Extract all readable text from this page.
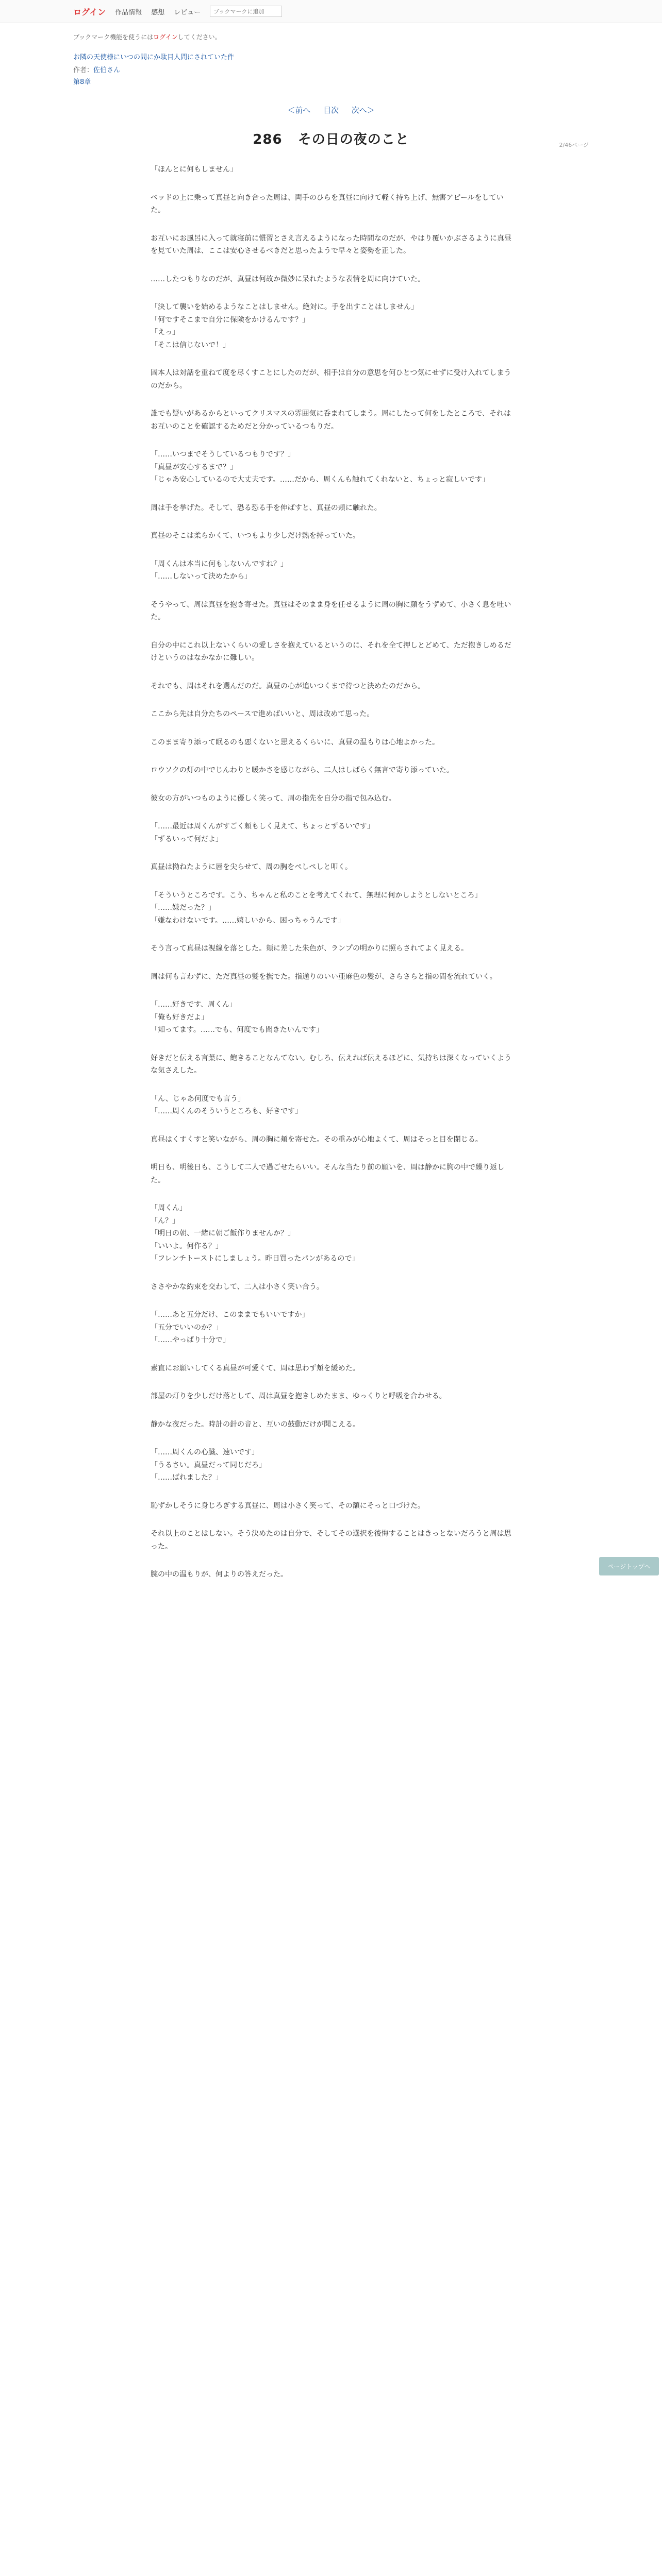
ログイン 作品情報 感想 レビュー
ブックマークに追加
ブックマーク機能を使うにはログインしてください。
お隣の天使様にいつの間にか駄目人間にされていた件
作者：佐伯さん
第8章
＜前へ 目次 次へ＞
2/46ページ
286 その日の夜のこと

「ほんとに何もしません」

ベッドの上に乗って真昼と向き合った周は、両手のひらを真昼に向けて軽く持ち上げ、無害アピールをしていた。

お互いにお風呂に入って就寝前に慣習とさえ言えるようになった時間なのだが、やはり覆いかぶさるように真昼を見ていた周は、ここは安心させるべきだと思ったようで早々と姿勢を正した。

……したつもりなのだが、真昼は何故か微妙に呆れたような表情を周に向けていた。

「決して襲いを始めるようなことはしません。絶対に。手を出すことはしません」
「何ですそこまで自分に保険をかけるんです？」
「えっ」
「そこは信じないで！」

固本人は対話を重ねて度を尽くすことにしたのだが、相手は自分の意思を何ひとつ気にせずに受け入れてしまうのだから。

誰でも疑いがあるからといってクリスマスの雰囲気に呑まれてしまう。周にしたって何をしたところで、それはお互いのことを確認するためだと分かっているつもりだ。

「……いつまでそうしているつもりです？」
「真昼が安心するまで？」
「じゃあ安心しているので大丈夫です。……だから、周くんも触れてくれないと、ちょっと寂しいです」

周は手を挙げた。そして、恐る恐る手を伸ばすと、真昼の頬に触れた。

真昼のそこは柔らかくて、いつもより少しだけ熱を持っていた。

「周くんは本当に何もしないんですね？」
「……しないって決めたから」

そうやって、周は真昼を抱き寄せた。真昼はそのまま身を任せるように周の胸に顔をうずめて、小さく息を吐いた。

自分の中にこれ以上ないくらいの愛しさを抱えているというのに、それを全て押しとどめて、ただ抱きしめるだけというのはなかなかに難しい。

それでも、周はそれを選んだのだ。真昼の心が追いつくまで待つと決めたのだから。

ここから先は自分たちのペースで進めばいいと、周は改めて思った。

このまま寄り添って眠るのも悪くないと思えるくらいに、真昼の温もりは心地よかった。

ロウソクの灯の中でじんわりと暖かさを感じながら、二人はしばらく無言で寄り添っていた。

彼女の方がいつものように優しく笑って、周の指先を自分の指で包み込む。

「……最近は周くんがすごく頼もしく見えて、ちょっとずるいです」
「ずるいって何だよ」

真昼は拗ねたように唇を尖らせて、周の胸をぺしぺしと叩く。

「そういうところです。こう、ちゃんと私のことを考えてくれて、無理に何かしようとしないところ」
「……嫌だった？」
「嫌なわけないです。……嬉しいから、困っちゃうんです」

そう言って真昼は視線を落とした。頬に差した朱色が、ランプの明かりに照らされてよく見える。

周は何も言わずに、ただ真昼の髪を撫でた。指通りのいい亜麻色の髪が、さらさらと指の間を流れていく。

「……好きです、周くん」
「俺も好きだよ」
「知ってます。……でも、何度でも聞きたいんです」

好きだと伝える言葉に、飽きることなんてない。むしろ、伝えれば伝えるほどに、気持ちは深くなっていくような気さえした。

「ん、じゃあ何度でも言う」
「……周くんのそういうところも、好きです」

真昼はくすくすと笑いながら、周の胸に頬を寄せた。その重みが心地よくて、周はそっと目を閉じる。

明日も、明後日も、こうして二人で過ごせたらいい。そんな当たり前の願いを、周は静かに胸の中で繰り返した。

「周くん」
「ん？」
「明日の朝、一緒に朝ご飯作りませんか？」
「いいよ。何作る？」
「フレンチトーストにしましょう。昨日買ったパンがあるので」

ささやかな約束を交わして、二人は小さく笑い合う。

「……あと五分だけ、このままでもいいですか」
「五分でいいのか？」
「……やっぱり十分で」

素直にお願いしてくる真昼が可愛くて、周は思わず頬を緩めた。

部屋の灯りを少しだけ落として、周は真昼を抱きしめたまま、ゆっくりと呼吸を合わせる。

静かな夜だった。時計の針の音と、互いの鼓動だけが聞こえる。

「……周くんの心臓、速いです」
「うるさい。真昼だって同じだろ」
「……ばれました？」

恥ずかしそうに身じろぎする真昼に、周は小さく笑って、その額にそっと口づけた。

それ以上のことはしない。そう決めたのは自分で、そしてその選択を後悔することはきっとないだろうと周は思った。

腕の中の温もりが、何よりの答えだった。

ページトップへ
